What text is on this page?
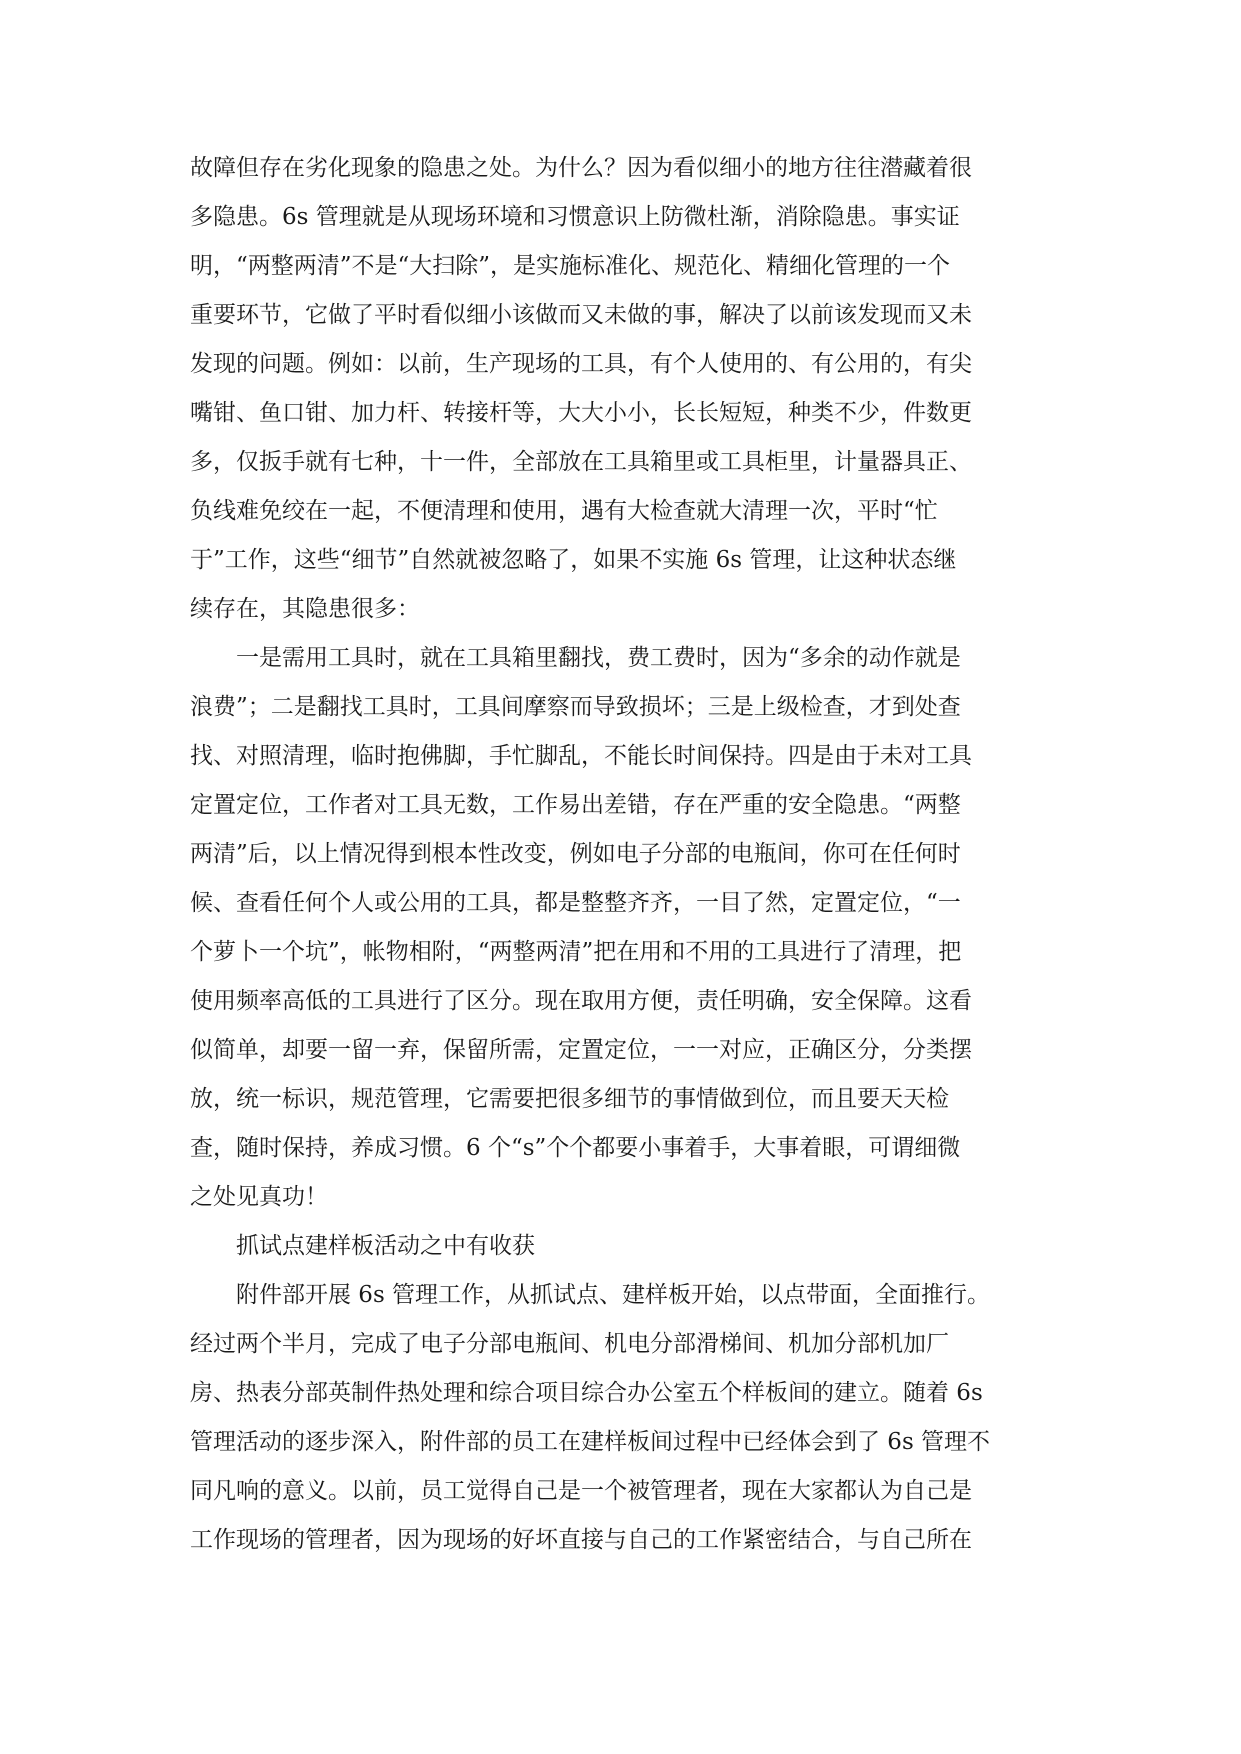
故障但存在劣化现象的隐患之处。为什么？因为看似细小的地方往往潜藏着很
多隐患。6s 管理就是从现场环境和习惯意识上防微杜渐，消除隐患。事实证
明，“两整两清”不是“大扫除”，是实施标准化、规范化、精细化管理的一个
重要环节，它做了平时看似细小该做而又未做的事，解决了以前该发现而又未
发现的问题。例如：以前，生产现场的工具，有个人使用的、有公用的，有尖
嘴钳、鱼口钳、加力杆、转接杆等，大大小小，长长短短，种类不少，件数更
多，仅扳手就有七种，十一件，全部放在工具箱里或工具柜里，计量器具正、
负线难免绞在一起，不便清理和使用，遇有大检查就大清理一次，平时“忙
于”工作，这些“细节”自然就被忽略了，如果不实施 6s 管理，让这种状态继
续存在，其隐患很多：
一是需用工具时，就在工具箱里翻找，费工费时，因为“多余的动作就是
浪费”；二是翻找工具时，工具间摩察而导致损坏；三是上级检查，才到处查
找、对照清理，临时抱佛脚，手忙脚乱，不能长时间保持。四是由于未对工具
定置定位，工作者对工具无数，工作易出差错，存在严重的安全隐患。“两整
两清”后，以上情况得到根本性改变，例如电子分部的电瓶间，你可在任何时
候、查看任何个人或公用的工具，都是整整齐齐，一目了然，定置定位，“一
个萝卜一个坑”，帐物相附，“两整两清”把在用和不用的工具进行了清理，把
使用频率高低的工具进行了区分。现在取用方便，责任明确，安全保障。这看
似简单，却要一留一弃，保留所需，定置定位，一一对应，正确区分，分类摆
放，统一标识，规范管理，它需要把很多细节的事情做到位，而且要天天检
查，随时保持，养成习惯。6 个“s”个个都要小事着手，大事着眼，可谓细微
之处见真功！
抓试点建样板活动之中有收获
附件部开展 6s 管理工作，从抓试点、建样板开始，以点带面，全面推行。
经过两个半月，完成了电子分部电瓶间、机电分部滑梯间、机加分部机加厂
房、热表分部英制件热处理和综合项目综合办公室五个样板间的建立。随着 6s
管理活动的逐步深入，附件部的员工在建样板间过程中已经体会到了 6s 管理不
同凡响的意义。以前，员工觉得自己是一个被管理者，现在大家都认为自己是
工作现场的管理者，因为现场的好坏直接与自己的工作紧密结合，与自己所在
